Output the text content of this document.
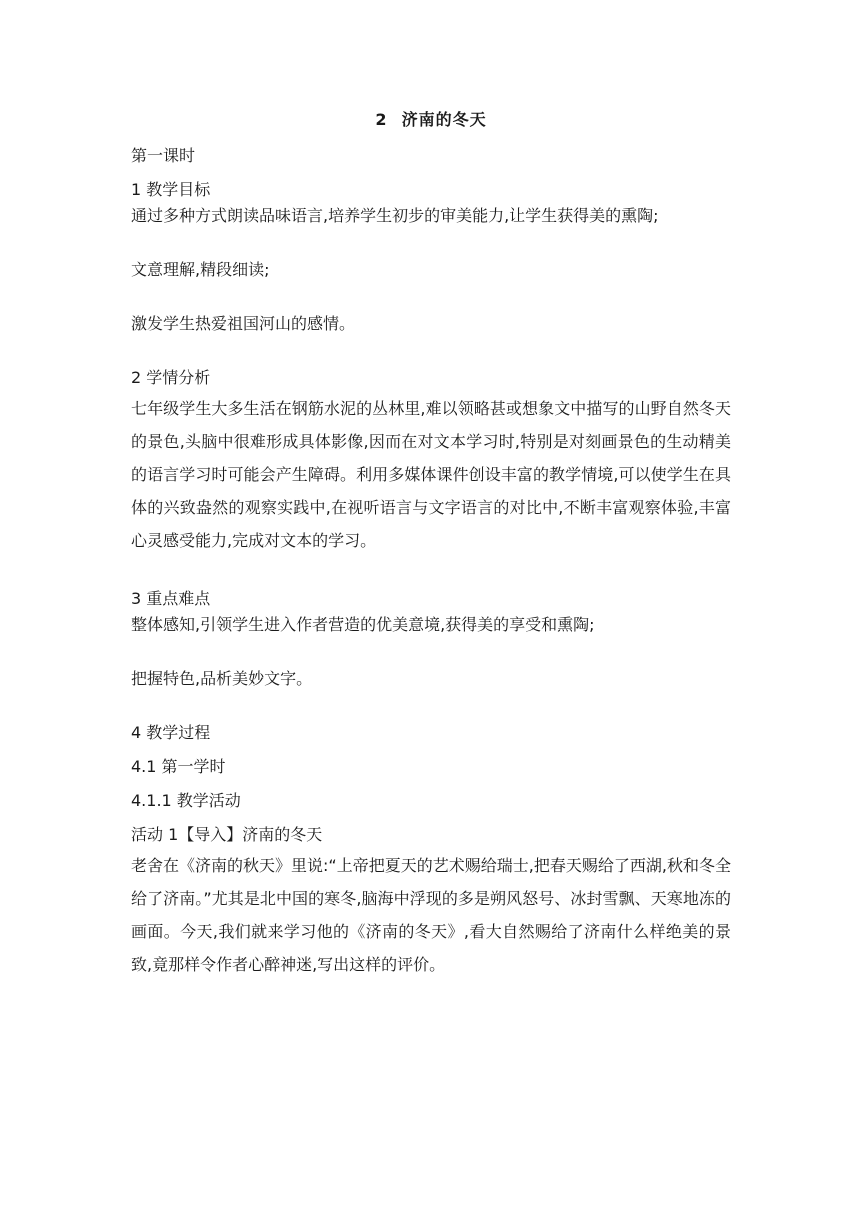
2 济南的冬天

第一课时

1 教学目标

通过多种方式朗读品味语言,培养学生初步的审美能力,让学生获得美的熏陶;

文意理解,精段细读;

激发学生热爱祖国河山的感情。

2 学情分析

七年级学生大多生活在钢筋水泥的丛林里,难以领略甚或想象文中描写的山野自然冬天的景色,头脑中很难形成具体影像,因而在对文本学习时,特别是对刻画景色的生动精美的语言学习时可能会产生障碍。利用多媒体课件创设丰富的教学情境,可以使学生在具体的兴致盎然的观察实践中,在视听语言与文字语言的对比中,不断丰富观察体验,丰富心灵感受能力,完成对文本的学习。

3 重点难点

整体感知,引领学生进入作者营造的优美意境,获得美的享受和熏陶;

把握特色,品析美妙文字。

4 教学过程

4.1 第一学时

4.1.1 教学活动

活动 1【导入】济南的冬天

老舍在《济南的秋天》里说:“上帝把夏天的艺术赐给瑞士,把春天赐给了西湖,秋和冬全给了济南。”尤其是北中国的寒冬,脑海中浮现的多是朔风怒号、冰封雪飘、天寒地冻的画面。今天,我们就来学习他的《济南的冬天》,看大自然赐给了济南什么样绝美的景致,竟那样令作者心醉神迷,写出这样的评价。
